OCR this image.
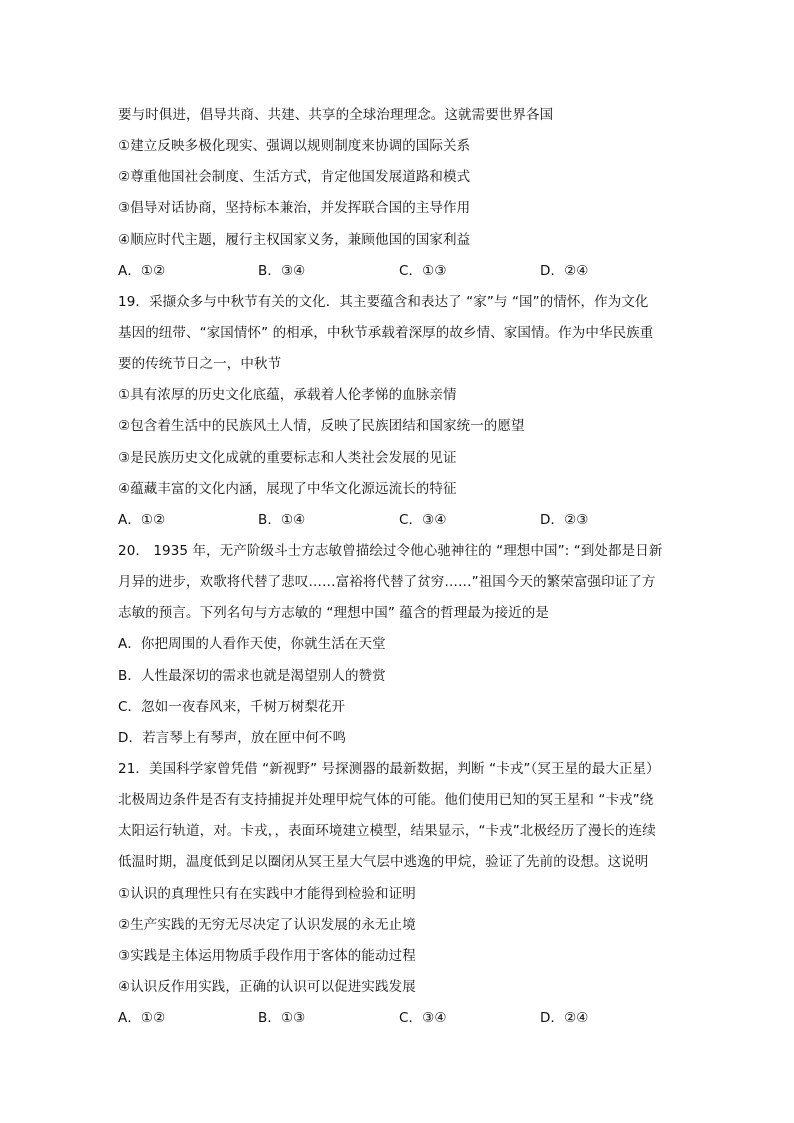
要与时俱进，倡导共商、共建、共享的全球治理理念。这就需要世界各国
①建立反映多极化现实、强调以规则制度来协调的国际关系
②尊重他国社会制度、生活方式，肯定他国发展道路和模式
③倡导对话协商，坚持标本兼治，并发挥联合国的主导作用
④顺应时代主题，履行主权国家义务，兼顾他国的国家利益
A．①②	B．③④	C．①③	D．②④
19．采撷众多与中秋节有关的文化．其主要蕴含和表达了 “家”与 “国”的情怀，作为文化
基因的纽带、“家国情怀” 的相承，中秋节承载着深厚的故乡情、家国情。作为中华民族重
要的传统节日之一，中秋节
①具有浓厚的历史文化底蕴，承载着人伦孝悌的血脉亲情
②包含着生活中的民族风土人情，反映了民族团结和国家统一的愿望
③是民族历史文化成就的重要标志和人类社会发展的见证
④蕴藏丰富的文化内涵，展现了中华文化源远流长的特征
A．①②	B．①④	C．③④	D．②③
20.　1935 年，无产阶级斗士方志敏曾描绘过令他心驰神往的 “理想中国”: “到处都是日新
月异的进步，欢歌将代替了悲叹……富裕将代替了贫穷……”祖国今天的繁荣富强印证了方
志敏的预言。下列名句与方志敏的 “理想中国” 蕴含的哲理最为接近的是
A．你把周围的人看作天使，你就生活在天堂
B．人性最深切的需求也就是渴望别人的赞赏
C．忽如一夜春风来，千树万树梨花开
D．若言琴上有琴声，放在匣中何不鸣
21．美国科学家曾凭借 “新视野” 号探测器的最新数据，判断 “卡戎”（冥王星的最大正星）
北极周边条件是否有支持捕捉并处理甲烷气体的可能。他们使用已知的冥王星和 “卡戎”绕
太阳运行轨道，对。卡戎，，表面环境建立模型，结果显示，“卡戎”北极经历了漫长的连续
低温时期，温度低到足以圈闭从冥王星大气层中逃逸的甲烷，验证了先前的设想。这说明
①认识的真理性只有在实践中才能得到检验和证明
②生产实践的无穷无尽决定了认识发展的永无止境
③实践是主体运用物质手段作用于客体的能动过程
④认识反作用实践，正确的认识可以促进实践发展
A．①②	B．①③	C．③④	D．②④
